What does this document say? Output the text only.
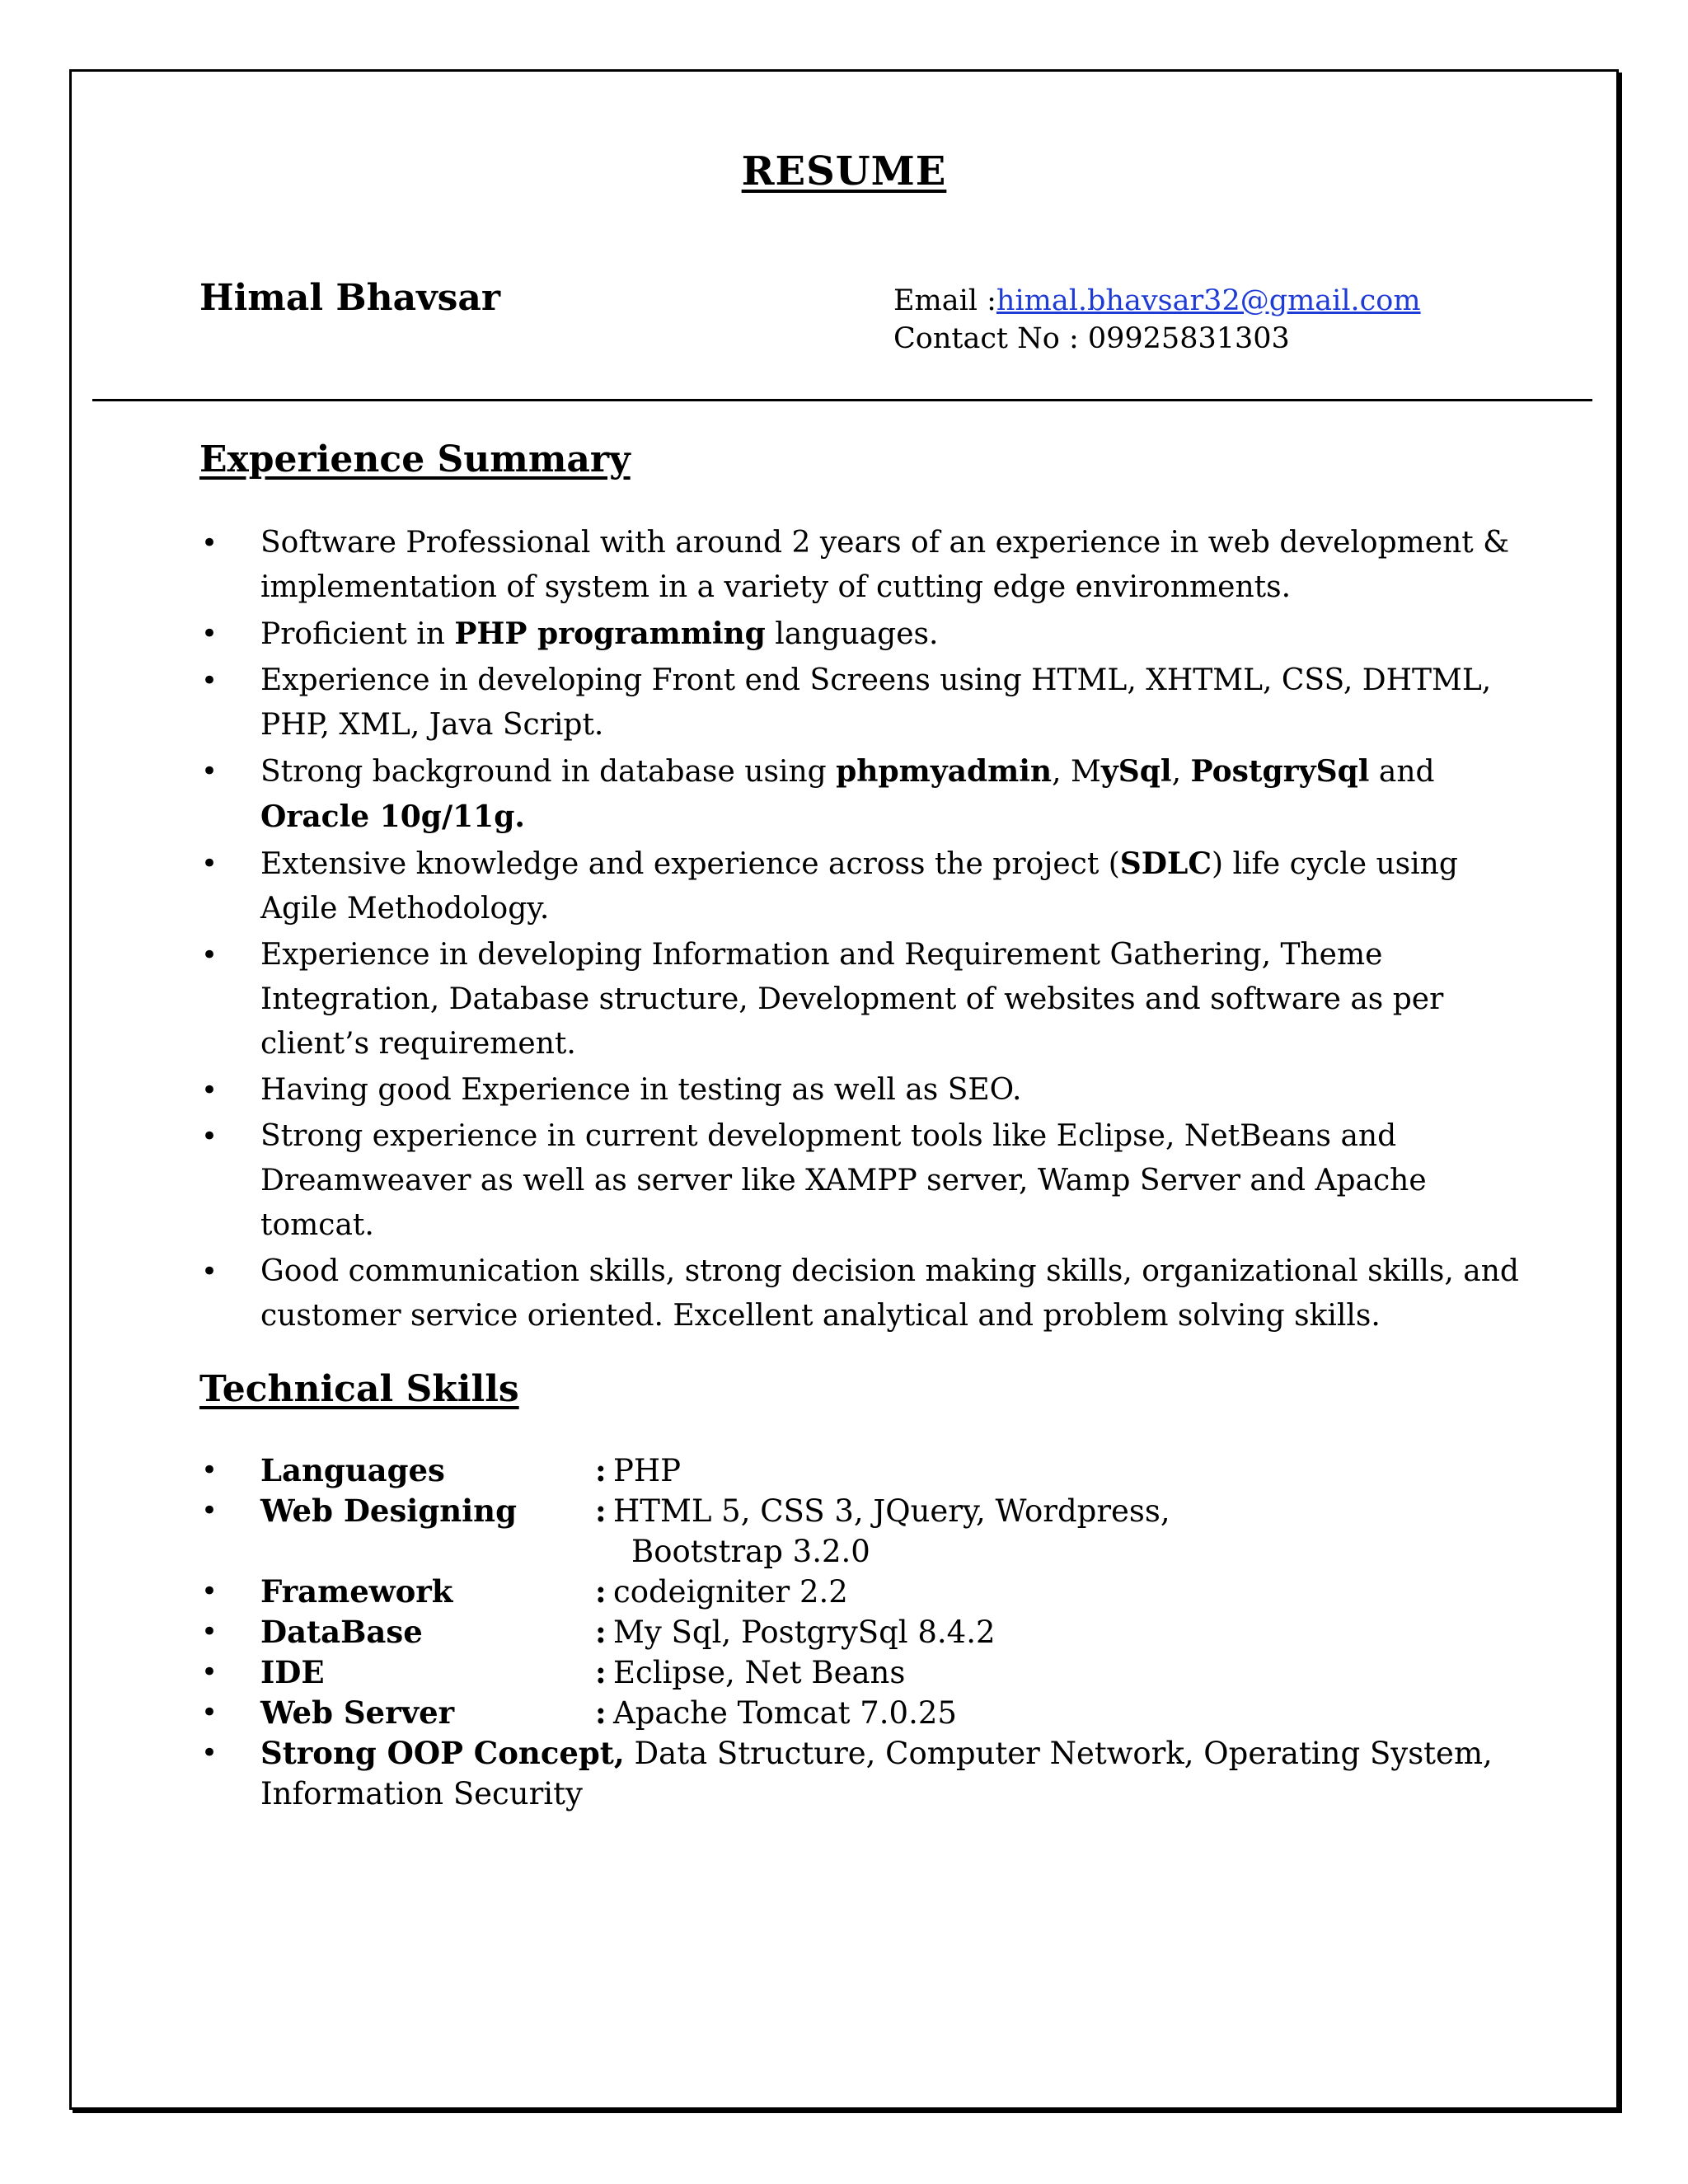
RESUME
Himal Bhavsar	Email :himal.bhavsar32@gmail.com
Contact No : 09925831303
Experience Summary
• Software Professional with around 2 years of an experience in web development & implementation of system in a variety of cutting edge environments.
• Proficient in PHP programming languages.
• Experience in developing Front end Screens using HTML, XHTML, CSS, DHTML, PHP, XML, Java Script.
• Strong background in database using phpmyadmin, MySql, PostgrySql and Oracle 10g/11g.
• Extensive knowledge and experience across the project (SDLC) life cycle using Agile Methodology.
• Experience in developing Information and Requirement Gathering, Theme Integration, Database structure, Development of websites and software as per client’s requirement.
• Having good Experience in testing as well as SEO.
• Strong experience in current development tools like Eclipse, NetBeans and Dreamweaver as well as server like XAMPP server, Wamp Server and Apache tomcat.
• Good communication skills, strong decision making skills, organizational skills, and customer service oriented. Excellent analytical and problem solving skills.
Technical Skills
• Languages	: PHP
• Web Designing	: HTML 5, CSS 3, JQuery, Wordpress,
Bootstrap 3.2.0
• Framework	: codeigniter 2.2
• DataBase	: My Sql, PostgrySql 8.4.2
• IDE	: Eclipse, Net Beans
• Web Server	: Apache Tomcat 7.0.25
• Strong OOP Concept, Data Structure, Computer Network, Operating System, Information Security
